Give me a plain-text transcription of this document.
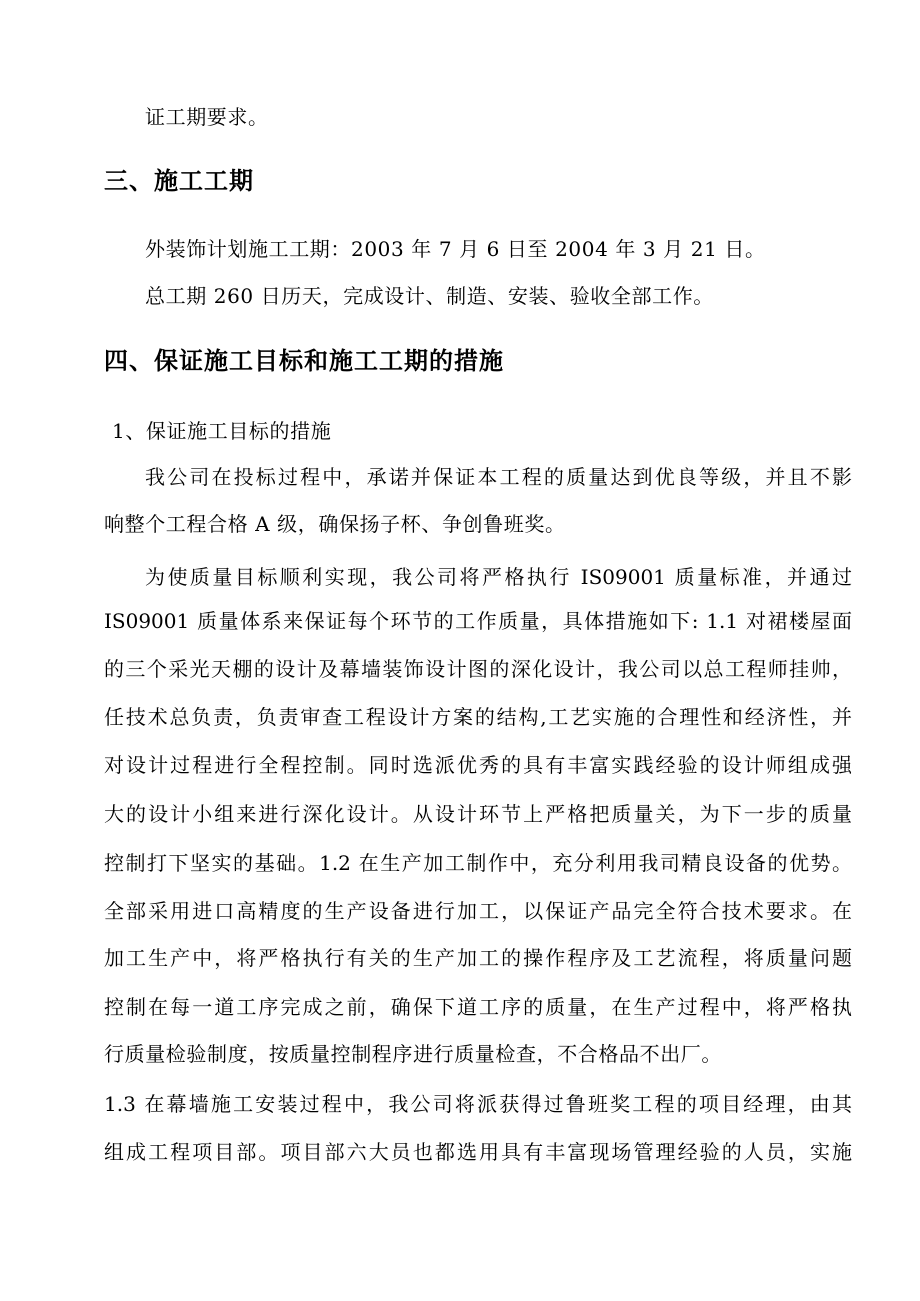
证工期要求。
三、施工工期
外装饰计划施工工期：2003 年 7 月 6 日至 2004 年 3 月 21 日。
总工期 260 日历天，完成设计、制造、安装、验收全部工作。
四、保证施工目标和施工工期的措施
1、保证施工目标的措施
我公司在投标过程中，承诺并保证本工程的质量达到优良等级，并且不影
响整个工程合格 A 级，确保扬子杯、争创鲁班奖。
为使质量目标顺利实现，我公司将严格执行 IS09001 质量标准，并通过
IS09001 质量体系来保证每个环节的工作质量，具体措施如下: 1.1 对裙楼屋面
的三个采光天棚的设计及幕墙装饰设计图的深化设计，我公司以总工程师挂帅，
任技术总负责，负责审查工程设计方案的结构,工艺实施的合理性和经济性，并
对设计过程进行全程控制。同时选派优秀的具有丰富实践经验的设计师组成强
大的设计小组来进行深化设计。从设计环节上严格把质量关，为下一步的质量
控制打下坚实的基础。1.2 在生产加工制作中，充分利用我司精良设备的优势。
全部采用进口高精度的生产设备进行加工，以保证产品完全符合技术要求。在
加工生产中，将严格执行有关的生产加工的操作程序及工艺流程，将质量问题
控制在每一道工序完成之前，确保下道工序的质量，在生产过程中，将严格执
行质量检验制度，按质量控制程序进行质量检查，不合格品不出厂。
1.3 在幕墙施工安装过程中，我公司将派获得过鲁班奖工程的项目经理，由其
组成工程项目部。项目部六大员也都选用具有丰富现场管理经验的人员，实施
